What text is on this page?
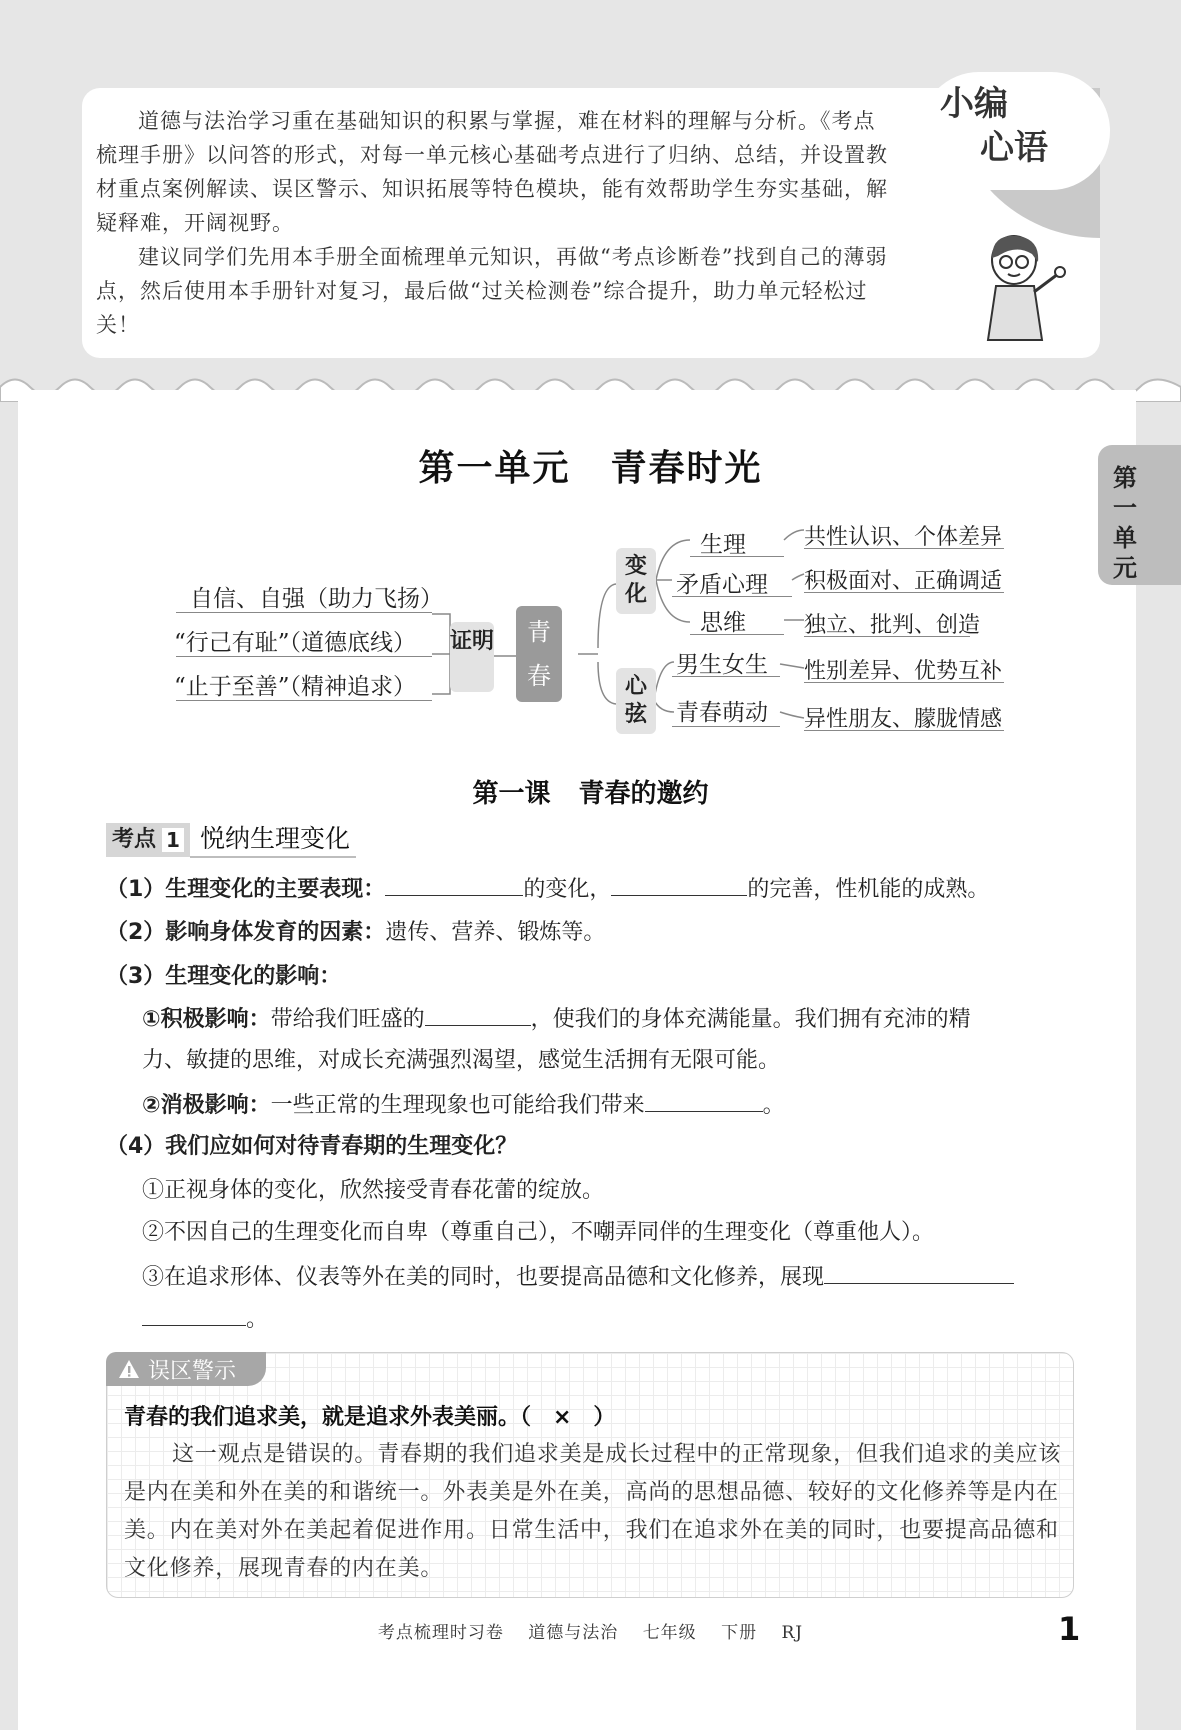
小编
心语

道德与法治学习重在基础知识的积累与掌握，难在材料的理解与分析。《考点梳理手册》以问答的形式，对每一单元核心基础考点进行了归纳、总结，并设置教材重点案例解读、误区警示、知识拓展等特色模块，能有效帮助学生夯实基础，解疑释难，开阔视野。

建议同学们先用本手册全面梳理单元知识，再做“考点诊断卷”找到自己的薄弱点，然后使用本手册针对复习，最后做“过关检测卷”综合提升，助力单元轻松过关！

第一单元
第一单元 青春时光
自信、自强（助力飞扬）
“行己有耻”（道德底线）
“止于至善”（精神追求）
证明	青春
变化
心弦
生理
矛盾心理
思维
男生女生
青春萌动
共性认识、个体差异
积极面对、正确调适
独立、批判、创造
性别差异、优势互补
异性朋友、朦胧情感
第一课 青春的邀约
考点 1 悦纳生理变化
（1）生理变化的主要表现：	的变化，	的完善，性机能的成熟。
（2）影响身体发育的因素：遗传、营养、锻炼等。
（3）生理变化的影响：
①积极影响：带给我们旺盛的	，使我们的身体充满能量。我们拥有充沛的精
力、敏捷的思维，对成长充满强烈渴望，感觉生活拥有无限可能。
②消极影响：一些正常的生理现象也可能给我们带来	。
（4）我们应如何对待青春期的生理变化？
①正视身体的变化，欣然接受青春花蕾的绽放。
②不因自己的生理变化而自卑（尊重自己），不嘲弄同伴的生理变化（尊重他人）。
③在追求形体、仪表等外在美的同时，也要提高品德和文化修养，展现
。
误区警示
青春的我们追求美，就是追求外表美丽。（　×　）
这一观点是错误的。青春期的我们追求美是成长过程中的正常现象，但我们追求的美应该是内在美和外在美的和谐统一。外表美是外在美，高尚的思想品德、较好的文化修养等是内在美。内在美对外在美起着促进作用。日常生活中，我们在追求外在美的同时，也要提高品德和文化修养，展现青春的内在美。
考点梳理时习卷 道德与法治 七年级 下册 RJ	1
